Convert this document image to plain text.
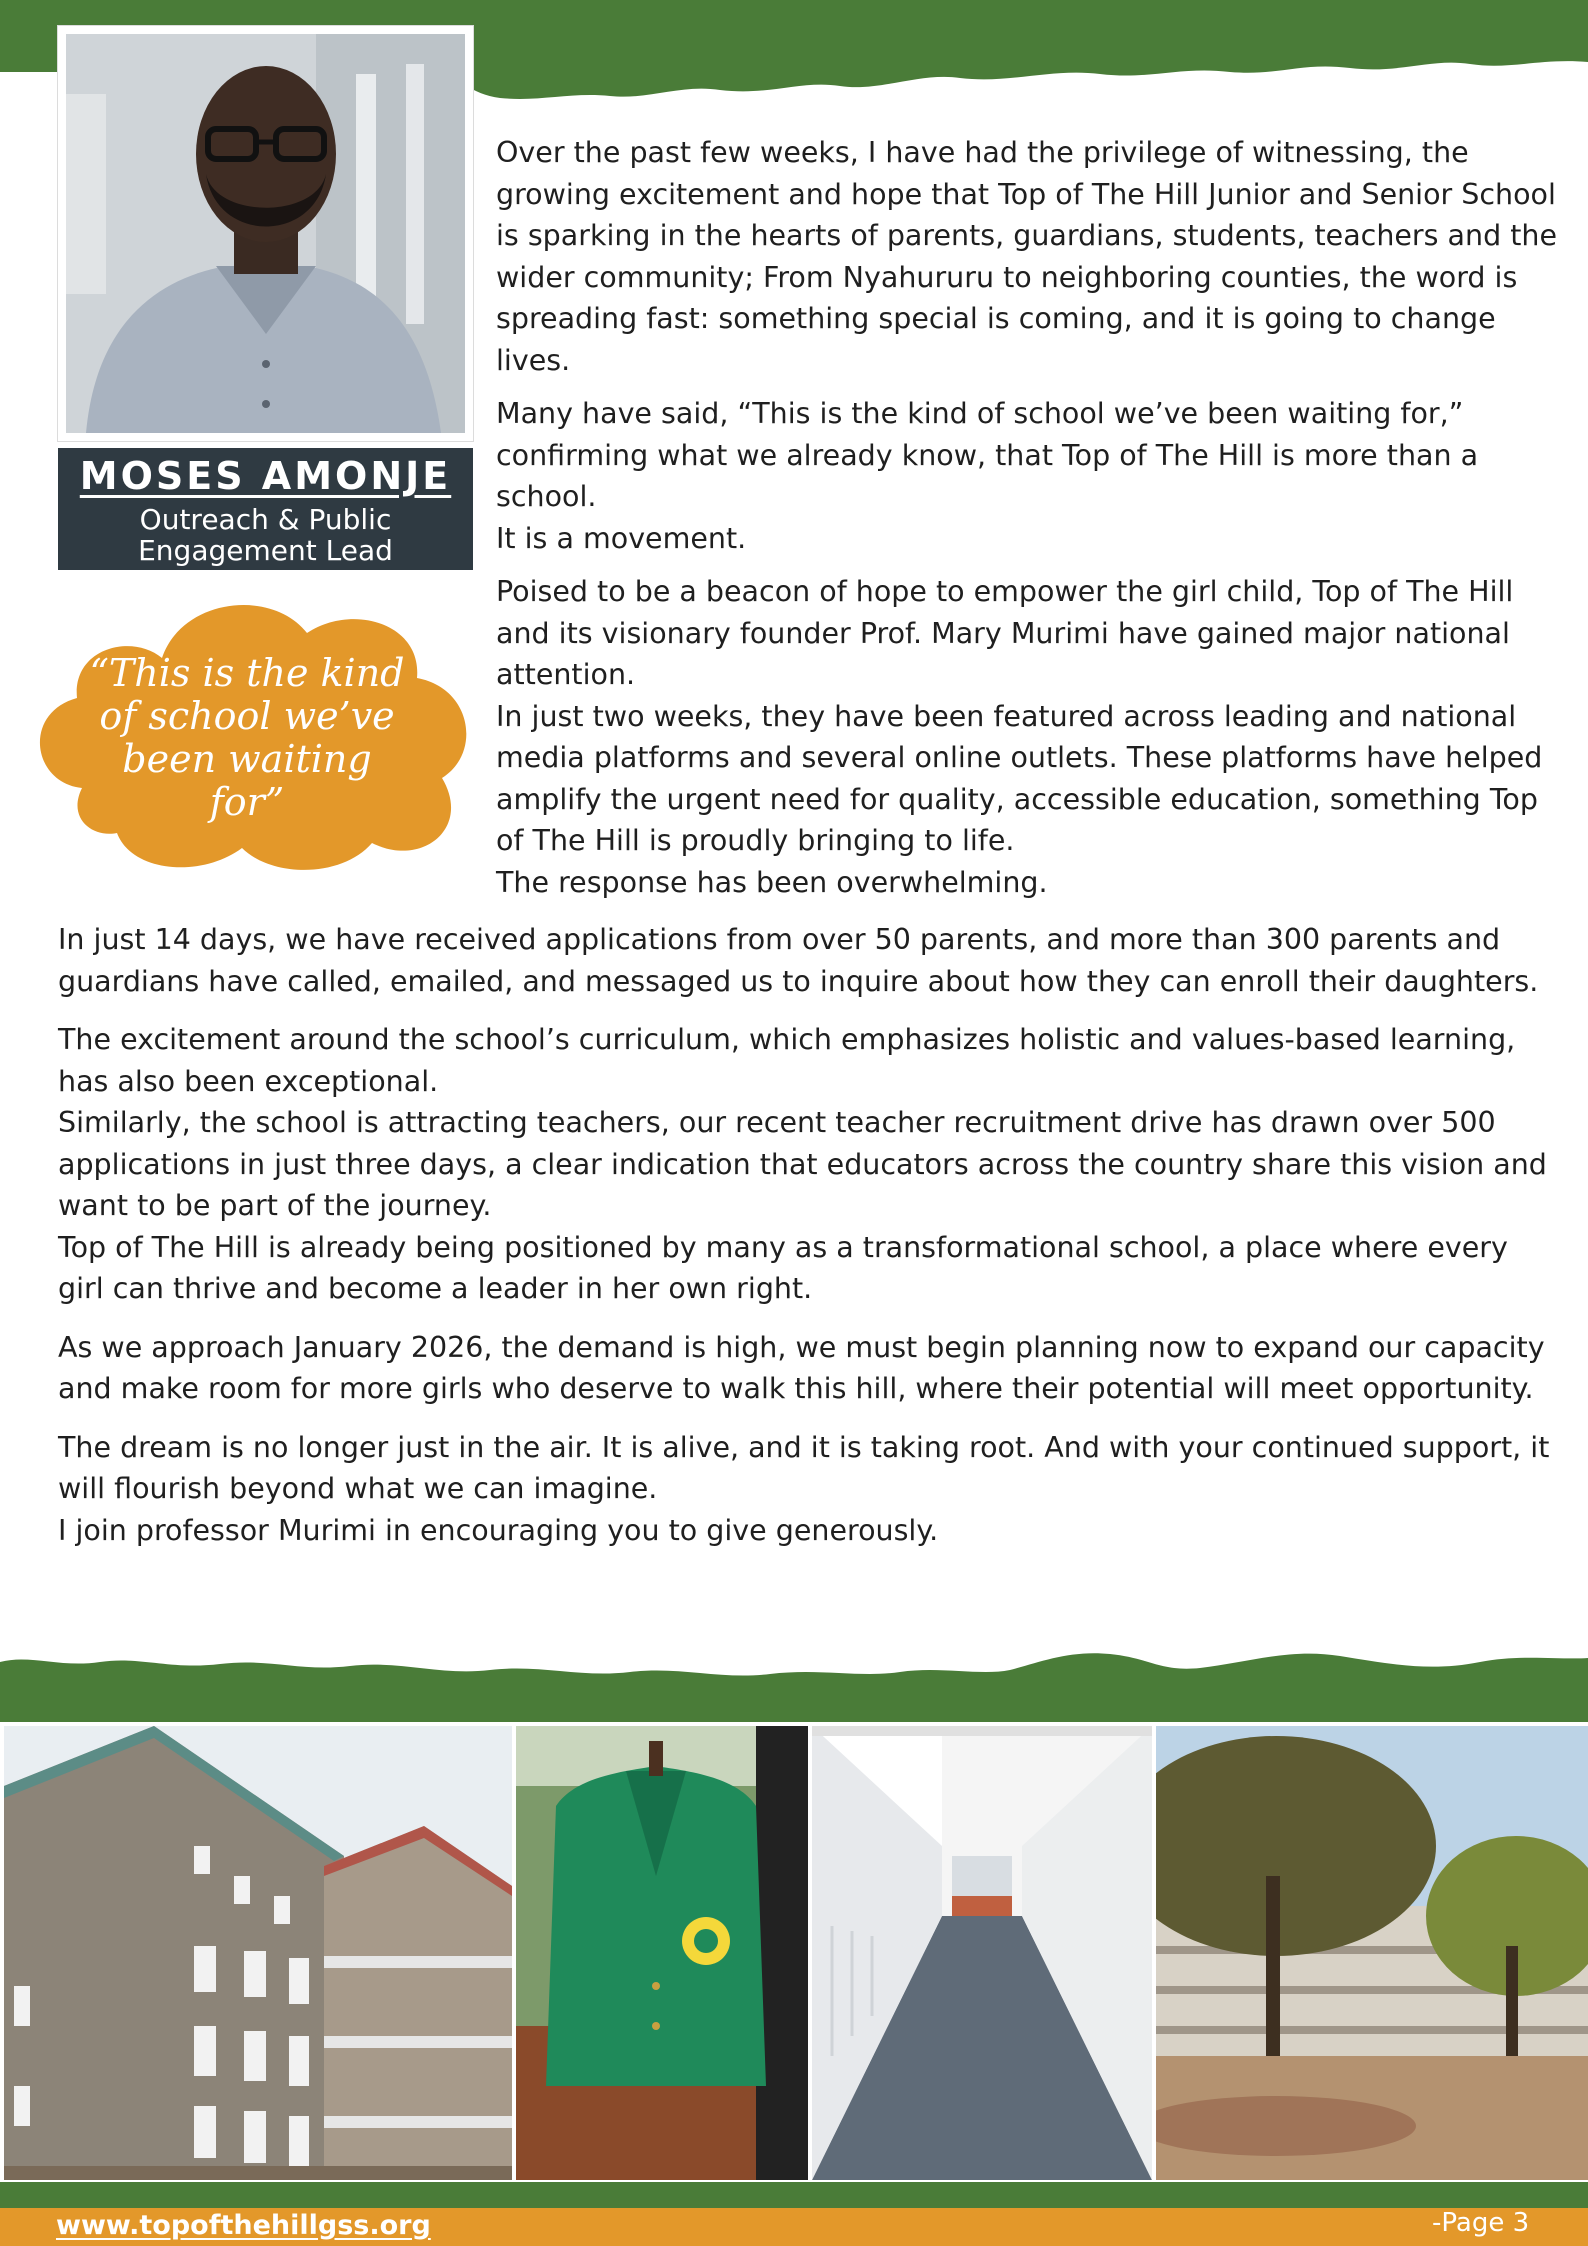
MOSES AMONJE
Outreach & Public Engagement Lead
“This is the kind of school we’ve been waiting for”

Over the past few weeks, I have had the privilege of witnessing, the growing excitement and hope that Top of The Hill Junior and Senior School is sparking in the hearts of parents, guardians, students, teachers and the wider community; From Nyahururu to neighboring counties, the word is spreading fast: something special is coming, and it is going to change lives.

Many have said, “This is the kind of school we’ve been waiting for,” confirming what we already know, that Top of The Hill is more than a school.

It is a movement.

Poised to be a beacon of hope to empower the girl child, Top of The Hill and its visionary founder Prof. Mary Murimi have gained major national attention.

In just two weeks, they have been featured across leading and national media platforms and several online outlets. These platforms have helped amplify the urgent need for quality, accessible education, something Top of The Hill is proudly bringing to life.

The response has been overwhelming.

In just 14 days, we have received applications from over 50 parents, and more than 300 parents and guardians have called, emailed, and messaged us to inquire about how they can enroll their daughters.

The excitement around the school’s curriculum, which emphasizes holistic and values-based learning, has also been exceptional.

Similarly, the school is attracting teachers, our recent teacher recruitment drive has drawn over 500 applications in just three days, a clear indication that educators across the country share this vision and want to be part of the journey.

Top of The Hill is already being positioned by many as a transformational school, a place where every girl can thrive and become a leader in her own right.

As we approach January 2026, the demand is high, we must begin planning now to expand our capacity and make room for more girls who deserve to walk this hill, where their potential will meet opportunity.

The dream is no longer just in the air. It is alive, and it is taking root. And with your continued support, it will flourish beyond what we can imagine.

I join professor Murimi in encouraging you to give generously.

www.topofthehillgss.org	-Page 3
